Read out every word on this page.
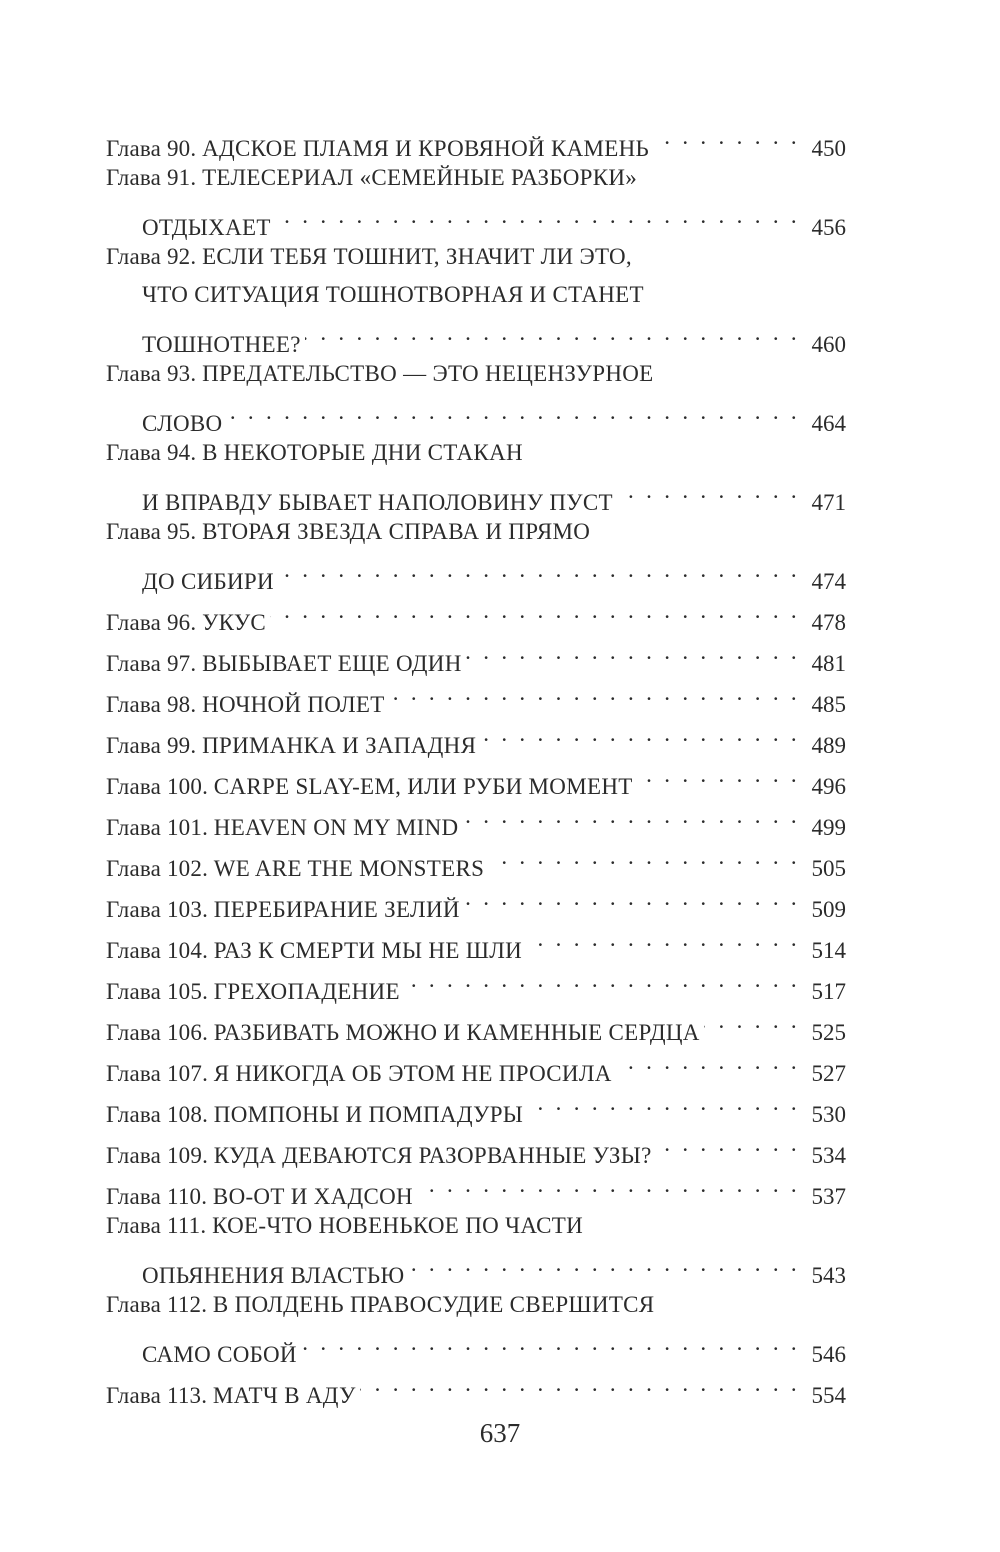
Глава 90.
АДСКОЕ ПЛАМЯ И КРОВЯНОЙ КАМЕНЬ . . .	450
Глава 91.
ТЕЛЕСЕРИАЛ «СЕМЕЙНЫЕ РАЗБОРКИ»
ОТДЫХАЕТ . . .	456
Глава 92.
ЕСЛИ ТЕБЯ ТОШНИТ, ЗНАЧИТ ЛИ ЭТО,
ЧТО СИТУАЦИЯ ТОШНОТВОРНАЯ И СТАНЕТ
ТОШНОТНЕЕ? . . .	460
Глава 93.
ПРЕДАТЕЛЬСТВО — ЭТО НЕЦЕНЗУРНОЕ
СЛОВО . . .	464
Глава 94.
В НЕКОТОРЫЕ ДНИ СТАКАН
И ВПРАВДУ БЫВАЕТ НАПОЛОВИНУ ПУСТ . . .	471
Глава 95.
ВТОРАЯ ЗВЕЗДА СПРАВА И ПРЯМО
ДО СИБИРИ . . .	474
Глава 96.
УКУС . . .	478
Глава 97.
ВЫБЫВАЕТ ЕЩЕ ОДИН . . .	481
Глава 98.
НОЧНОЙ ПОЛЕТ . . .	485
Глава 99.
ПРИМАНКА И ЗАПАДНЯ . . .	489
Глава 100.
CARPE SLAY-EM, ИЛИ РУБИ МОМЕНТ . . .	496
Глава 101.
HEAVEN ON MY MIND . . .	499
Глава 102.
WE ARE THE MONSTERS . . .	505
Глава 103.
ПЕРЕБИРАНИЕ ЗЕЛИЙ . . .	509
Глава 104.
РАЗ К СМЕРТИ МЫ НЕ ШЛИ . . .	514
Глава 105.
ГРЕХОПАДЕНИЕ . . .	517
Глава 106.
РАЗБИВАТЬ МОЖНО И КАМЕННЫЕ СЕРДЦА . . .	525
Глава 107.
Я НИКОГДА ОБ ЭТОМ НЕ ПРОСИЛА . . .	527
Глава 108.
ПОМПОНЫ И ПОМПАДУРЫ . . .	530
Глава 109.
КУДА ДЕВАЮТСЯ РАЗОРВАННЫЕ УЗЫ? . . .	534
Глава 110.
ВО-ОТ И ХАДСОН . . .	537
Глава 111.
КОЕ-ЧТО НОВЕНЬКОЕ ПО ЧАСТИ
ОПЬЯНЕНИЯ ВЛАСТЬЮ . . .	543
Глава 112.
В ПОЛДЕНЬ ПРАВОСУДИЕ СВЕРШИТСЯ
САМО СОБОЙ . . .	546
Глава 113.
МАТЧ В АДУ . . .	554
637
